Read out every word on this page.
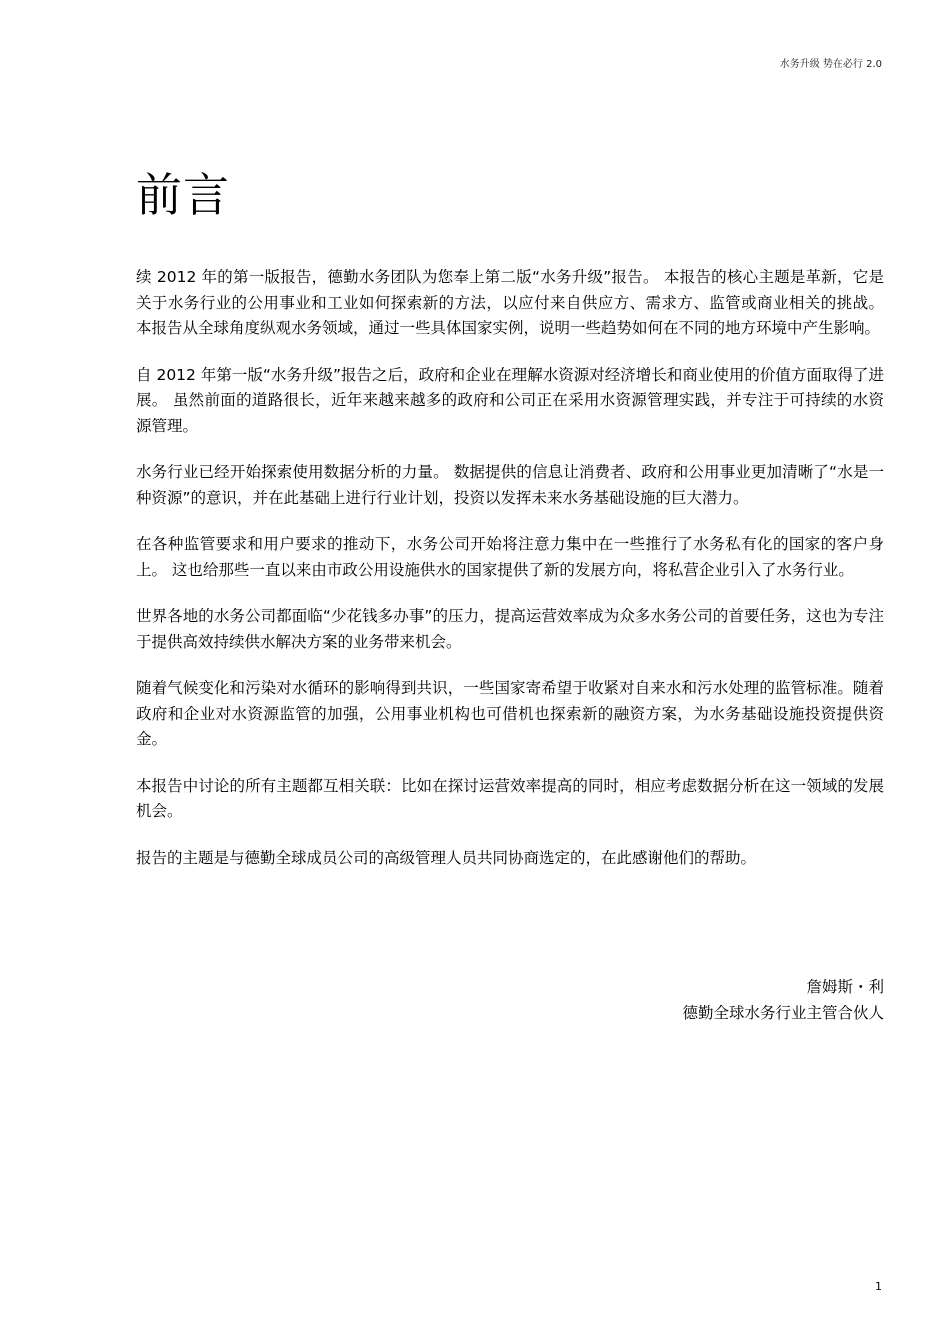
水务升级 势在必行 2.0
前言

续 2012 年的第一版报告，德勤水务团队为您奉上第二版“水务升级”报告。 本报告的核心主题是革新，它是关于水务行业的公用事业和工业如何探索新的方法，以应付来自供应方、需求方、监管或商业相关的挑战。 本报告从全球角度纵观水务领域，通过一些具体国家实例，说明一些趋势如何在不同的地方环境中产生影响。

自 2012 年第一版“水务升级”报告之后，政府和企业在理解水资源对经济增长和商业使用的价值方面取得了进展。 虽然前面的道路很长，近年来越来越多的政府和公司正在采用水资源管理实践，并专注于可持续的水资源管理。

水务行业已经开始探索使用数据分析的力量。 数据提供的信息让消费者、政府和公用事业更加清晰了“水是一种资源”的意识，并在此基础上进行行业计划，投资以发挥未来水务基础设施的巨大潜力。

在各种监管要求和用户要求的推动下，水务公司开始将注意力集中在一些推行了水务私有化的国家的客户身上。 这也给那些一直以来由市政公用设施供水的国家提供了新的发展方向，将私营企业引入了水务行业。

世界各地的水务公司都面临“少花钱多办事”的压力，提高运营效率成为众多水务公司的首要任务，这也为专注于提供高效持续供水解决方案的业务带来机会。

随着气候变化和污染对水循环的影响得到共识，一些国家寄希望于收紧对自来水和污水处理的监管标准。随着政府和企业对水资源监管的加强，公用事业机构也可借机也探索新的融资方案，为水务基础设施投资提供资金。

本报告中讨论的所有主题都互相关联：比如在探讨运营效率提高的同时，相应考虑数据分析在这一领域的发展机会。

报告的主题是与德勤全球成员公司的高级管理人员共同协商选定的，在此感谢他们的帮助。

詹姆斯・利
德勤全球水务行业主管合伙人
1
